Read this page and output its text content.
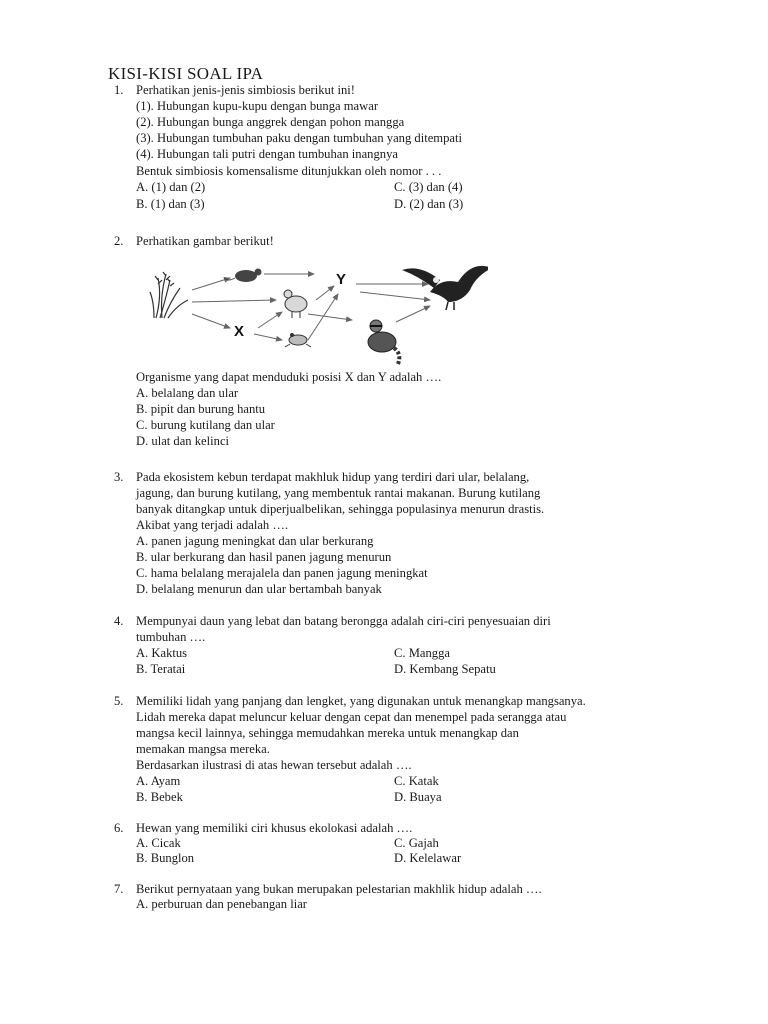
KISI-KISI SOAL IPA
1. Perhatikan jenis-jenis simbiosis berikut ini!
(1). Hubungan kupu-kupu dengan bunga mawar
(2). Hubungan bunga anggrek dengan pohon mangga
(3). Hubungan tumbuhan paku dengan tumbuhan yang ditempati
(4). Hubungan tali putri dengan tumbuhan inangnya
Bentuk simbiosis komensalisme ditunjukkan oleh nomor . . .
A. (1) dan (2)	C. (3) dan (4)
B. (1) dan (3)	D. (2) dan (3)
2. Perhatikan gambar berikut!
X
Y
Organisme yang dapat menduduki posisi X dan Y adalah ….
A. belalang dan ular
B. pipit dan burung hantu
C. burung kutilang dan ular
D. ulat dan kelinci
3. Pada ekosistem kebun terdapat makhluk hidup yang terdiri dari ular, belalang,
jagung, dan burung kutilang, yang membentuk rantai makanan. Burung kutilang
banyak ditangkap untuk diperjualbelikan, sehingga populasinya menurun drastis.
Akibat yang terjadi adalah ….
A. panen jagung meningkat dan ular berkurang
B. ular berkurang dan hasil panen jagung menurun
C. hama belalang merajalela dan panen jagung meningkat
D. belalang menurun dan ular bertambah banyak
4. Mempunyai daun yang lebat dan batang berongga adalah ciri-ciri penyesuaian diri
tumbuhan ….
A. Kaktus	C. Mangga
B. Teratai	D. Kembang Sepatu
5. Memiliki lidah yang panjang dan lengket, yang digunakan untuk menangkap mangsanya.
Lidah mereka dapat meluncur keluar dengan cepat dan menempel pada serangga atau
mangsa kecil lainnya, sehingga memudahkan mereka untuk menangkap dan
memakan mangsa mereka.
Berdasarkan ilustrasi di atas hewan tersebut adalah ….
A. Ayam	C. Katak
B. Bebek	D. Buaya
6. Hewan yang memiliki ciri khusus ekolokasi adalah ….
A. Cicak	C. Gajah
B. Bunglon	D. Kelelawar
7. Berikut pernyataan yang bukan merupakan pelestarian makhlik hidup adalah ….
A. perburuan dan penebangan liar
